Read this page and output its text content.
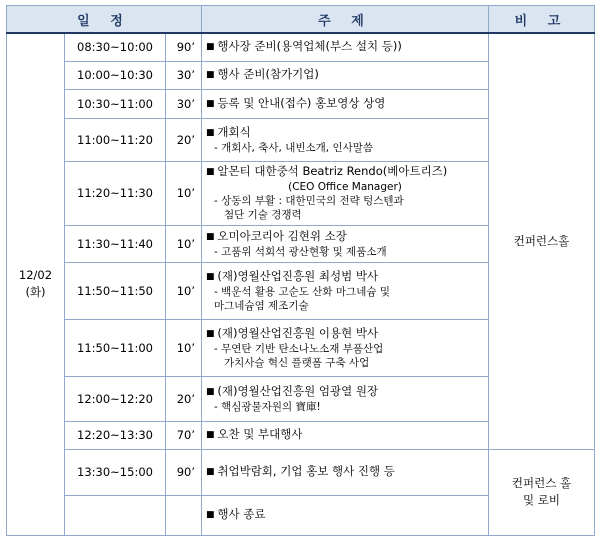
일 정			주 제	비 고
12/02
(화)	08:30~10:00	90’	■ 행사장 준비(용역업체(부스 설치 등))	컨퍼런스홀
	10:00~10:30	30’	■ 행사 준비(참가기업)

	10:30~11:00	30’	■ 등록 및 안내(접수) 홍보영상 상영

	11:00~11:20	20’	■ 개회식
- 개회사, 축사, 내빈소개, 인사말씀

	11:20~11:30	10’	■ 알몬티 대한중석 Beatriz Rendo(베아트리즈)
(CEO Office Manager)
- 상동의 부활 : 대한민국의 전략 텅스텐과
첨단 기술 경쟁력

	11:30~11:40	10’	■ 오미아코리아 김현위 소장
- 고품위 석회석 광산현황 및 제품소개

	11:50~11:50	10’	■ (재)영월산업진흥원 최성범 박사
- 백운석 활용 고순도 산화 마그네슘 및
마그네슘염 제조기술

	11:50~11:00	10’	■ (재)영월산업진흥원 이용현 박사
- 무연탄 기반 탄소나노소재 부품산업
가치사슬 혁신 플랫폼 구축 사업

	12:00~12:20	20’	■ (재)영월산업진흥원 엄광열 원장
- 핵심광물자원의 寶庫!

	12:20~13:30	70’	■ 오찬 및 부대행사

	13:30~15:00	90’	■ 취업박람회, 기업 홍보 행사 진행 등	컨퍼런스 홀
및 로비

			■ 행사 종료
